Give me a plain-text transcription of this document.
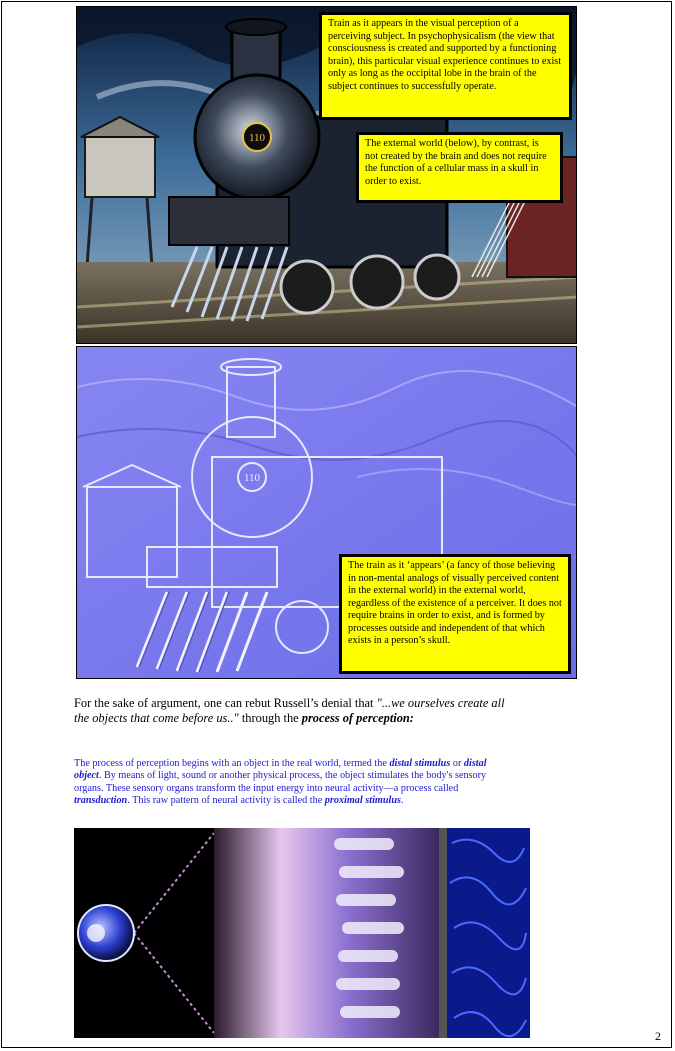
110
Train as it appears in the visual perception of a perceiving subject. In psychophysicalism (the view that consciousness is created and supported by a functioning brain), this particular visual experience continues to exist only as long as the occipital lobe in the brain of the subject continues to successfully operate.
The external world (below), by contrast, is not created by the brain and does not require the function of a cellular mass in a skull in order to exist.
110
The train as it ‘appears’ (a fancy of those believing in non-mental analogs of visually perceived content in the external world) in the external world, regardless of the existence of a perceiver. It does not require brains in order to exist, and is formed by processes outside and independent of that which exists in a person’s skull.
For the sake of argument, one can rebut Russell’s denial that "...we ourselves create all the objects that come before us.." through the process of perception:
The process of perception begins with an object in the real world, termed the distal stimulus or distal object. By means of light, sound or another physical process, the object stimulates the body's sensory organs. These sensory organs transform the input energy into neural activity—a process called transduction. This raw pattern of neural activity is called the proximal stimulus.
2
